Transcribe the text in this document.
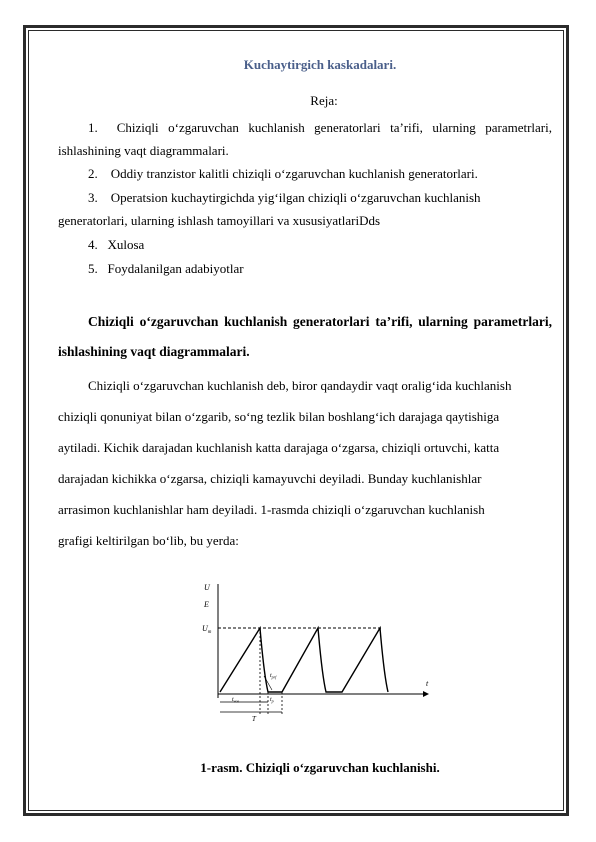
Kuchaytirgich kaskadalari.
Reja:
1. Chiziqli o‘zgaruvchan kuchlanish generatorlari ta’rifi, ularning parametrlari,
ishlashining vaqt diagrammalari.
2. Oddiy tranzistor kalitli chiziqli o‘zgaruvchan kuchlanish generatorlari.
3. Operatsion kuchaytirgichda yig‘ilgan chiziqli o‘zgaruvchan kuchlanish
generatorlari, ularning ishlash tamoyillari va xususiyatlariDds
4. Xulosa
5. Foydalanilgan adabiyotlar
Chiziqli o‘zgaruvchan kuchlanish generatorlari ta’rifi, ularning parametrlari,
ishlashining vaqt diagrammalari.
Chiziqli o‘zgaruvchan kuchlanish deb, biror qandaydir vaqt oralig‘ida kuchlanish
chiziqli qonuniyat bilan o‘zgarib, so‘ng tezlik bilan boshlang‘ich darajaga qaytishiga
aytiladi. Kichik darajadan kuchlanish katta darajaga o‘zgarsa, chiziqli ortuvchi, katta
darajadan kichikka o‘zgarsa, chiziqli kamayuvchi deyiladi. Bunday kuchlanishlar
arrasimon kuchlanishlar ham deyiladi. 1-rasmda chiziqli o‘zgaruvchan kuchlanish
grafigi keltirilgan bo‘lib, bu yerda:
U
E
$U_m$
t
$t_{vos}$
$t_{prf}$
$t_p$
T
1-rasm. Chiziqli o‘zgaruvchan kuchlanishi.
